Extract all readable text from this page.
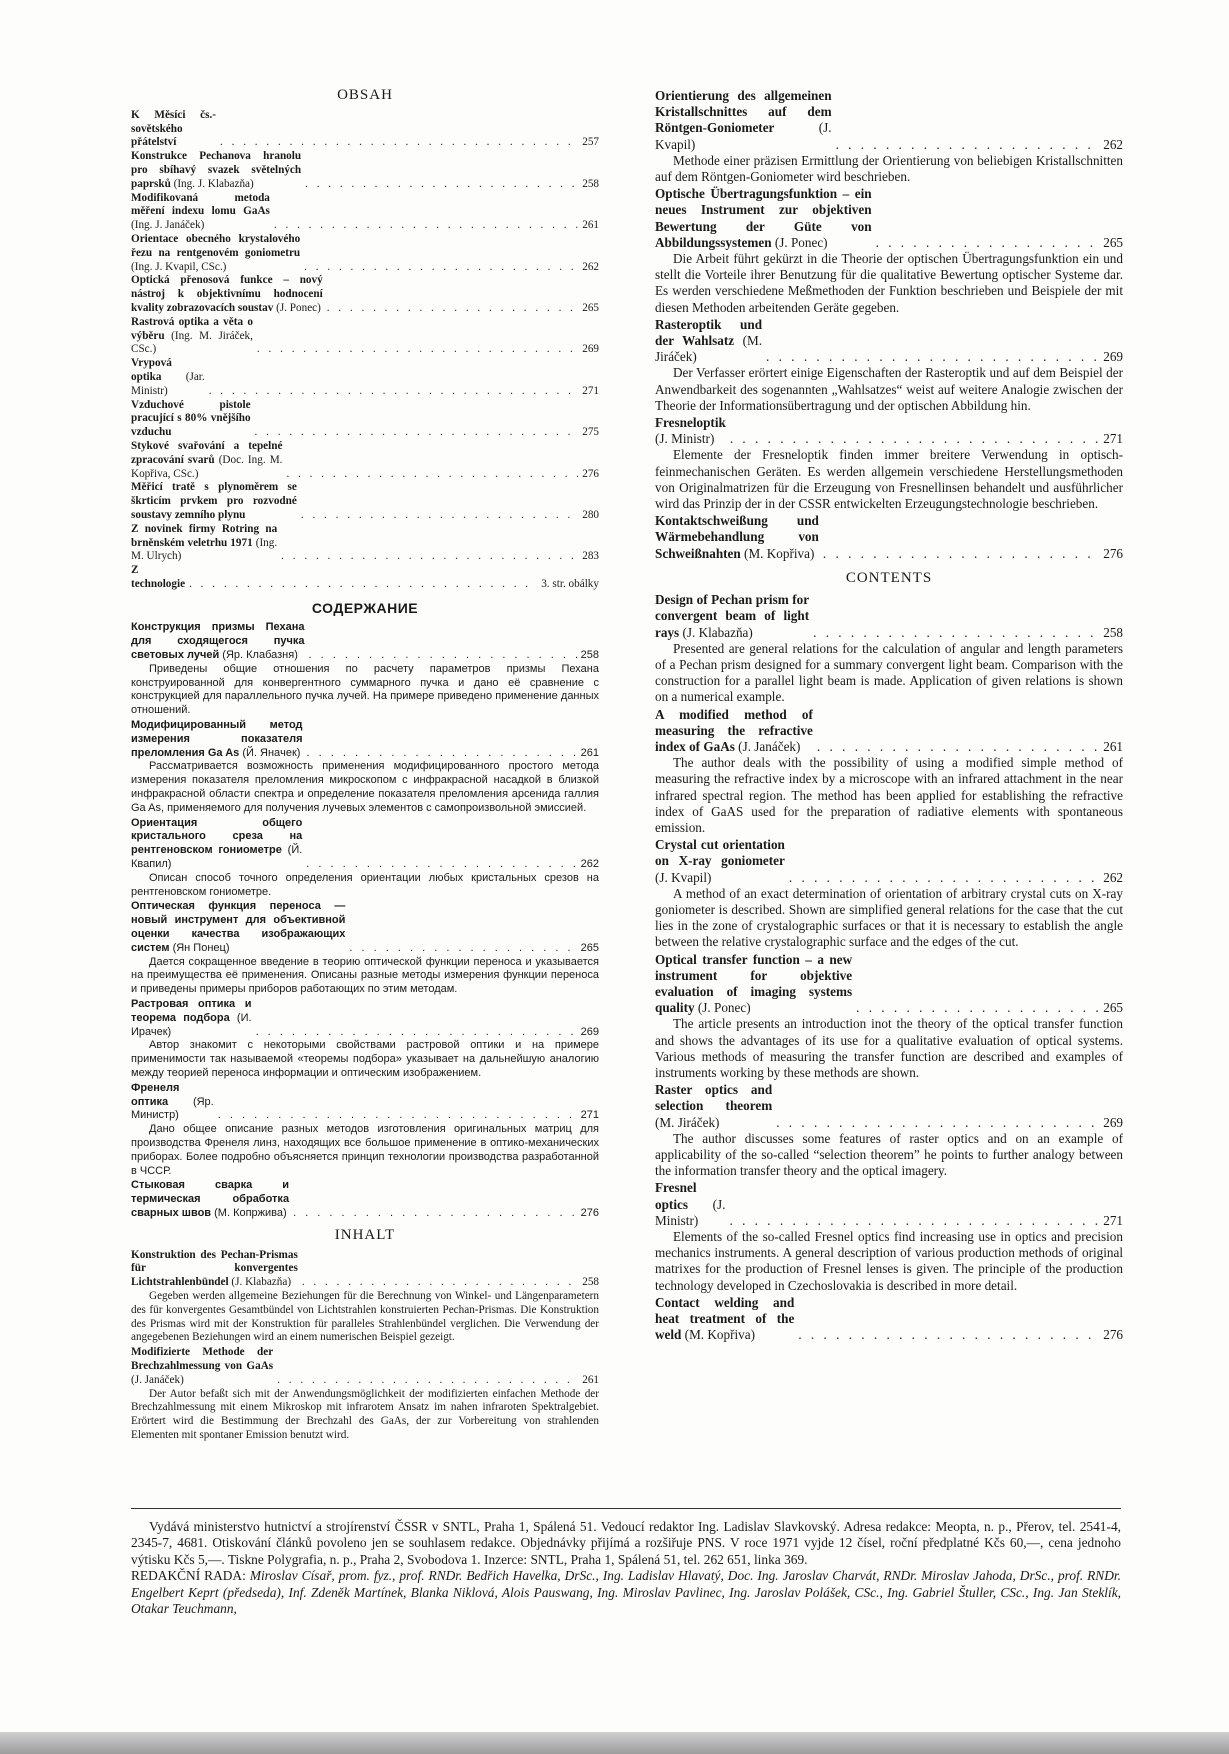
OBSAH
K Měsíci čs.-sovětského přátelství . . .	257
Konstrukce Pechanova hranolu pro sbíhavý svazek světelných paprsků (Ing. J. Klabazňa) . . .	258
Modifikovaná metoda měření indexu lomu GaAs (Ing. J. Janáček) . . .	261
Orientace obecného krystalového řezu na rentgenovém goniometru (Ing. J. Kvapil, CSc.) . . .	262
Optická přenosová funkce – nový nástroj k objektivnímu hodnocení kvality zobrazovacích soustav (J. Ponec) . . .	265
Rastrová optika a věta o výběru (Ing. M. Jiráček, CSc.) . . .	269
Vrypová optika (Jar. Ministr) . . .	271
Vzduchové pistole pracující s 80% vnějšího vzduchu . . .	275
Stykové svařování a tepelné zpracování svarů (Doc. Ing. M. Kopřiva, CSc.) . . .	276
Měřicí tratě s plynoměrem se škrticím prvkem pro rozvodné soustavy zemního plynu . . .	280
Z novinek firmy Rotring na brněnském veletrhu 1971 (Ing. M. Ulrych) . . .	283
Z technologie . . .	3. str. obálky
СОДЕРЖАНИЕ
Конструкция призмы Пехана для сходящегося пучка световых лучей (Яр. Клабазня) . . .	258

Приведены общие отношения по расчету параметров призмы Пехана конструированной для конвергентного суммарного пучка и дано её сравнение с конструкцией для параллельного пучка лучей. На примере приведено применение данных отношений.

Модифицированный метод измерения показателя преломления Ga As (Й. Янaчек) . . .	261

Рассматривается возможность применения модифицированного простого метода измерения показателя преломления микроскопом с инфракрасной насадкой в близкой инфракрасной области спектра и определение показателя преломления арсенида галлия Ga As, применяемого для получения лучевых элементов с самопроизвольной эмиссией.

Ориентация общего кристального среза на рентгеновском гониометре (Й. Квапил) . . .	262

Описан способ точного определения ориентации любых кристальных срезов на рентгеновском гониометре.

Оптическая функция переноса — новый инструмент для объективной оценки качества изображающих систем (Ян Понец) . . .	265

Дается сокращенное введение в теорию оптической функции переноса и указывается на преимущества её применения. Описаны разные методы измерения функции переноса и приведены примеры приборов работающих по этим методам.

Растровая оптика и теорема подбора (И. Ирачек) . . .	269

Автор знакомит с некоторыми свойствами растровой оптики и на примере применимости так называемой «теоремы подбора» указывает на дальнейшую аналогию между теорией переноса информации и оптическим изображением.

Френеля оптика (Яр. Министр) . . .	271

Дано общее описание разных методов изготовления оригинальных матриц для производства Френеля линз, находящих все большое применение в оптико-механических приборах. Более подробно объясняется принцип технологии производства разработанной в ЧССР.

Стыковая сварка и термическая обработка сварных швов (М. Копржива) . . .	276
INHALT
Konstruktion des Pechan-Prismas für konvergentes Lichtstrahlenbündel (J. Klabazňa) . . .	258

Gegeben werden allgemeine Beziehungen für die Berechnung von Winkel- und Längenparametern des für konvergentes Gesamtbündel von Lichtstrahlen konstruierten Pechan-Prismas. Die Konstruktion des Prismas wird mit der Konstruktion für paralleles Strahlenbündel verglichen. Die Verwendung der angegebenen Beziehungen wird an einem numerischen Beispiel gezeigt.

Modifizierte Methode der Brechzahlmessung von GaAs (J. Janáček) . . .	261

Der Autor befaßt sich mit der Anwendungsmöglichkeit der modifizierten einfachen Methode der Brechzahlmessung mit einem Mikroskop mit infrarotem Ansatz im nahen infraroten Spektralgebiet. Erörtert wird die Bestimmung der Brechzahl des GaAs, der zur Vorbereitung von strahlenden Elementen mit spontaner Emission benutzt wird.

Orientierung des allgemeinen Kristallschnittes auf dem Röntgen-Goniometer	(J. Kvapil) . . .	262

Methode einer präzisen Ermittlung der Orientierung von beliebigen Kristallschnitten auf dem Röntgen-Goniometer wird beschrieben.

Optische Übertragungsfunktion – ein neues Instrument zur objektiven Bewertung der Güte von Abbildungssystemen (J. Ponec) . . .	265

Die Arbeit führt gekürzt in die Theorie der optischen Übertragungsfunktion ein und stellt die Vorteile ihrer Benutzung für die qualitative Bewertung optischer Systeme dar. Es werden verschiedene Meßmethoden der Funktion beschrieben und Beispiele der mit diesen Methoden arbeitenden Geräte gegeben.

Rasteroptik und der Wahlsatz (M. Jiráček) . . .	269

Der Verfasser erörtert einige Eigenschaften der Rasteroptik und auf dem Beispiel der Anwendbarkeit des sogenannten „Wahlsatzes“ weist auf weitere Analogie zwischen der Theorie der Informationsübertragung und der optischen Abbildung hin.

Fresneloptik (J. Ministr) . . .	271

Elemente der Fresneloptik finden immer breitere Verwendung in optisch-feinmechanischen Geräten. Es werden allgemein verschiedene Herstellungsmethoden von Originalmatrizen für die Erzeugung von Fresnellinsen behandelt und ausführlicher wird das Prinzip der in der CSSR entwickelten Erzeugungstechnologie beschrieben.

Kontaktschweißung und Wärmebehandlung von Schweißnahten (M. Kopřiva) . . .	276
CONTENTS
Design of Pechan prism for convergent beam of light rays (J. Klabazňa) . . .	258

Presented are general relations for the calculation of angular and length parameters of a Pechan prism designed for a summary convergent light beam. Comparison with the construction for a parallel light beam is made. Application of given relations is shown on a numerical example.

A modified method of measuring the refractive index of GaAs (J. Janáček) . . .	261

The author deals with the possibility of using a modified simple method of measuring the refractive index by a microscope with an infrared attachment in the near infrared spectral region. The method has been applied for establishing the refractive index of GaAS used for the preparation of radiative elements with spontaneous emission.

Crystal cut orientation on X-ray goniometer (J. Kvapil) . . .	262

A method of an exact determination of orientation of arbitrary crystal cuts on X-ray goniometer is described. Shown are simplified general relations for the case that the cut lies in the zone of crystalographic surfaces or that it is necessary to establish the angle between the relative crystalographic surface and the edges of the cut.

Optical transfer function – a new instrument for objektive evaluation of imaging systems quality (J. Ponec) . . .	265

The article presents an introduction inot the theory of the optical transfer function and shows the advantages of its use for a qualitative evaluation of optical systems. Various methods of measuring the transfer function are described and examples of instruments working by these methods are shown.

Raster optics and selection theorem (M. Jiráček) . . .	269

The author discusses some features of raster optics and on an example of applicability of the so-called “selection theorem” he points to further analogy between the information transfer theory and the optical imagery.

Fresnel optics (J. Ministr) . . .	271

Elements of the so-called Fresnel optics find increasing use in optics and precision mechanics instruments. A general description of various production methods of original matrixes for the production of Fresnel lenses is given. The principle of the production technology developed in Czechoslovakia is described in more detail.

Contact welding and heat treatment of the weld (M. Kopřiva) . . .	276

Vydává ministerstvo hutnictví a strojírenství ČSSR v SNTL, Praha 1, Spálená 51. Vedoucí redaktor Ing. Ladislav Slavkovský. Adresa redakce: Meopta, n. p., Přerov, tel. 2541-4, 2345-7, 4681. Otiskování článků povoleno jen se souhlasem redakce. Objednávky přijímá a rozšiřuje PNS. V roce 1971 vyjde 12 čísel, roční předplatné Kčs 60,—, cena jednoho výtisku Kčs 5,—. Tiskne Polygrafia, n. p., Praha 2, Svobodova 1. Inzerce: SNTL, Praha 1, Spálená 51, tel. 262 651, linka 369.

REDAKČNÍ RADA: Miroslav Císař, prom. fyz., prof. RNDr. Bedřich Havelka, DrSc., Ing. Ladislav Hlavatý, Doc. Ing. Jaroslav Charvát, RNDr. Miroslav Jahoda, DrSc., prof. RNDr. Engelbert Keprt (předseda), Inf. Zdeněk Martínek, Blanka Niklová, Alois Pauswang, Ing. Miroslav Pavlinec, Ing. Jaroslav Polášek, CSc., Ing. Gabriel Štuller, CSc., Ing. Jan Steklík, Otakar Teuchmann,
